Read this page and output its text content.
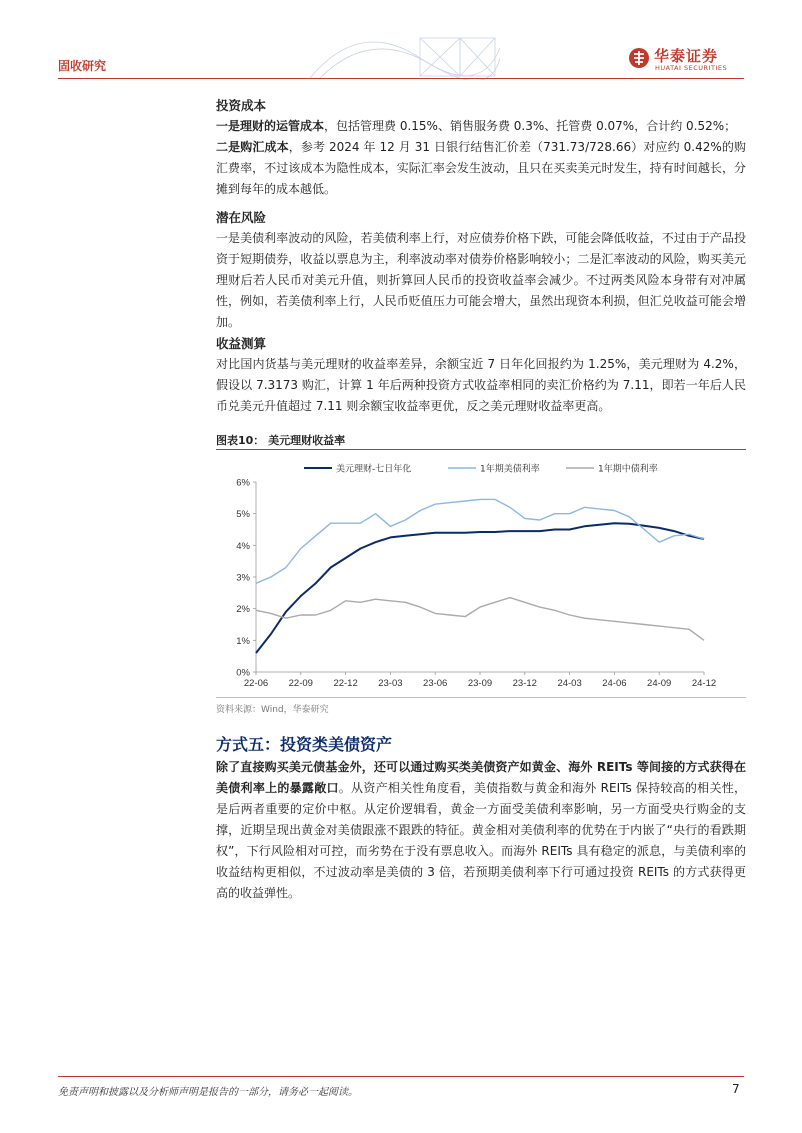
固收研究
华泰证券
HUATAI SECURITIES
投资成本
一是理财的运管成本，包括管理费 0.15%、销售服务费 0.3%、托管费 0.07%，合计约 0.52%；
二是购汇成本，参考 2024 年 12 月 31 日银行结售汇价差（731.73/728.66）对应约 0.42%的购汇费率，不过该成本为隐性成本，实际汇率会发生波动，且只在买卖美元时发生，持有时间越长，分摊到每年的成本越低。
潜在风险
一是美债利率波动的风险，若美债利率上行，对应债券价格下跌，可能会降低收益，不过由于产品投资于短期债券，收益以票息为主，利率波动率对债券价格影响较小；二是汇率波动的风险，购买美元理财后若人民币对美元升值，则折算回人民币的投资收益率会减少。不过两类风险本身带有对冲属性，例如，若美债利率上行，人民币贬值压力可能会增大，虽然出现资本利损，但汇兑收益可能会增加。
收益测算
对比国内货基与美元理财的收益率差异，余额宝近 7 日年化回报约为 1.25%，美元理财为 4.2%，假设以 7.3173 购汇，计算 1 年后两种投资方式收益率相同的卖汇价格约为 7.11，即若一年后人民币兑美元升值超过 7.11 则余额宝收益率更优，反之美元理财收益率更高。
图表10： 美元理财收益率
0%
1%
2%
3%
4%
5%
6%
22-06 22-09 22-12 23-03 23-06 23-09 23-12 24-03 24-06 24-09 24-12
美元理财-七日年化	1年期美债利率	1年期中债利率
资料来源：Wind，华泰研究
方式五：投资类美债资产
除了直接购买美元债基金外，还可以通过购买类美债资产如黄金、海外 REITs 等间接的方式获得在美债利率上的暴露敞口。从资产相关性角度看，美债指数与黄金和海外 REITs 保持较高的相关性，是后两者重要的定价中枢。从定价逻辑看，黄金一方面受美债利率影响，另一方面受央行购金的支撑，近期呈现出黄金对美债跟涨不跟跌的特征。黄金相对美债利率的优势在于内嵌了“央行的看跌期权”，下行风险相对可控，而劣势在于没有票息收入。而海外 REITs 具有稳定的派息，与美债利率的收益结构更相似，不过波动率是美债的 3 倍，若预期美债利率下行可通过投资 REITs 的方式获得更高的收益弹性。
免责声明和披露以及分析师声明是报告的一部分，请务必一起阅读。	7
